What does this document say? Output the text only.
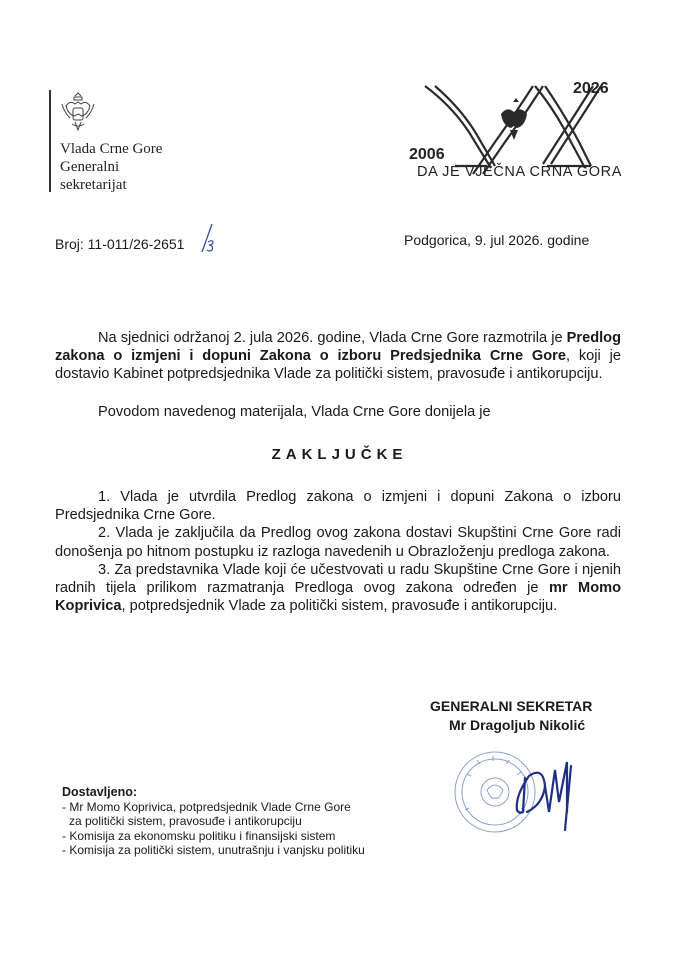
Vlada Crne Gore
Generalni
sekretarijat
2026
2006
DA JE VJEČNA CRNA GORA
Broj: 11-011/26-2651	Podgorica, 9. jul 2026. godine

Na sjednici održanoj 2. jula 2026. godine, Vlada Crne Gore razmotrila je Predlog zakona o izmjeni i dopuni Zakona o izboru Predsjednika Crne Gore, koji je dostavio Kabinet potpredsjednika Vlade za politički sistem, pravosuđe i antikorupciju.

Povodom navedenog materijala, Vlada Crne Gore donijela je

ZAKLJUČKE

1. Vlada je utvrdila Predlog zakona o izmjeni i dopuni Zakona o izboru Predsjednika Crne Gore.

2. Vlada je zaključila da Predlog ovog zakona dostavi Skupštini Crne Gore radi donošenja po hitnom postupku iz razloga navedenih u Obrazloženju predloga zakona.

3. Za predstavnika Vlade koji će učestvovati u radu Skupštine Crne Gore i njenih radnih tijela prilikom razmatranja Predloga ovog zakona određen je mr Momo Koprivica, potpredsjednik Vlade za politički sistem, pravosuđe i antikorupciju.

GENERALNI SEKRETAR
Mr Dragoljub Nikolić
Dostavljeno:
- Mr Momo Koprivica, potpredsjednik Vlade Crne Gore
za politički sistem, pravosuđe i antikorupciju
- Komisija za ekonomsku politiku i finansijski sistem
- Komisija za politički sistem, unutrašnju i vanjsku politiku
